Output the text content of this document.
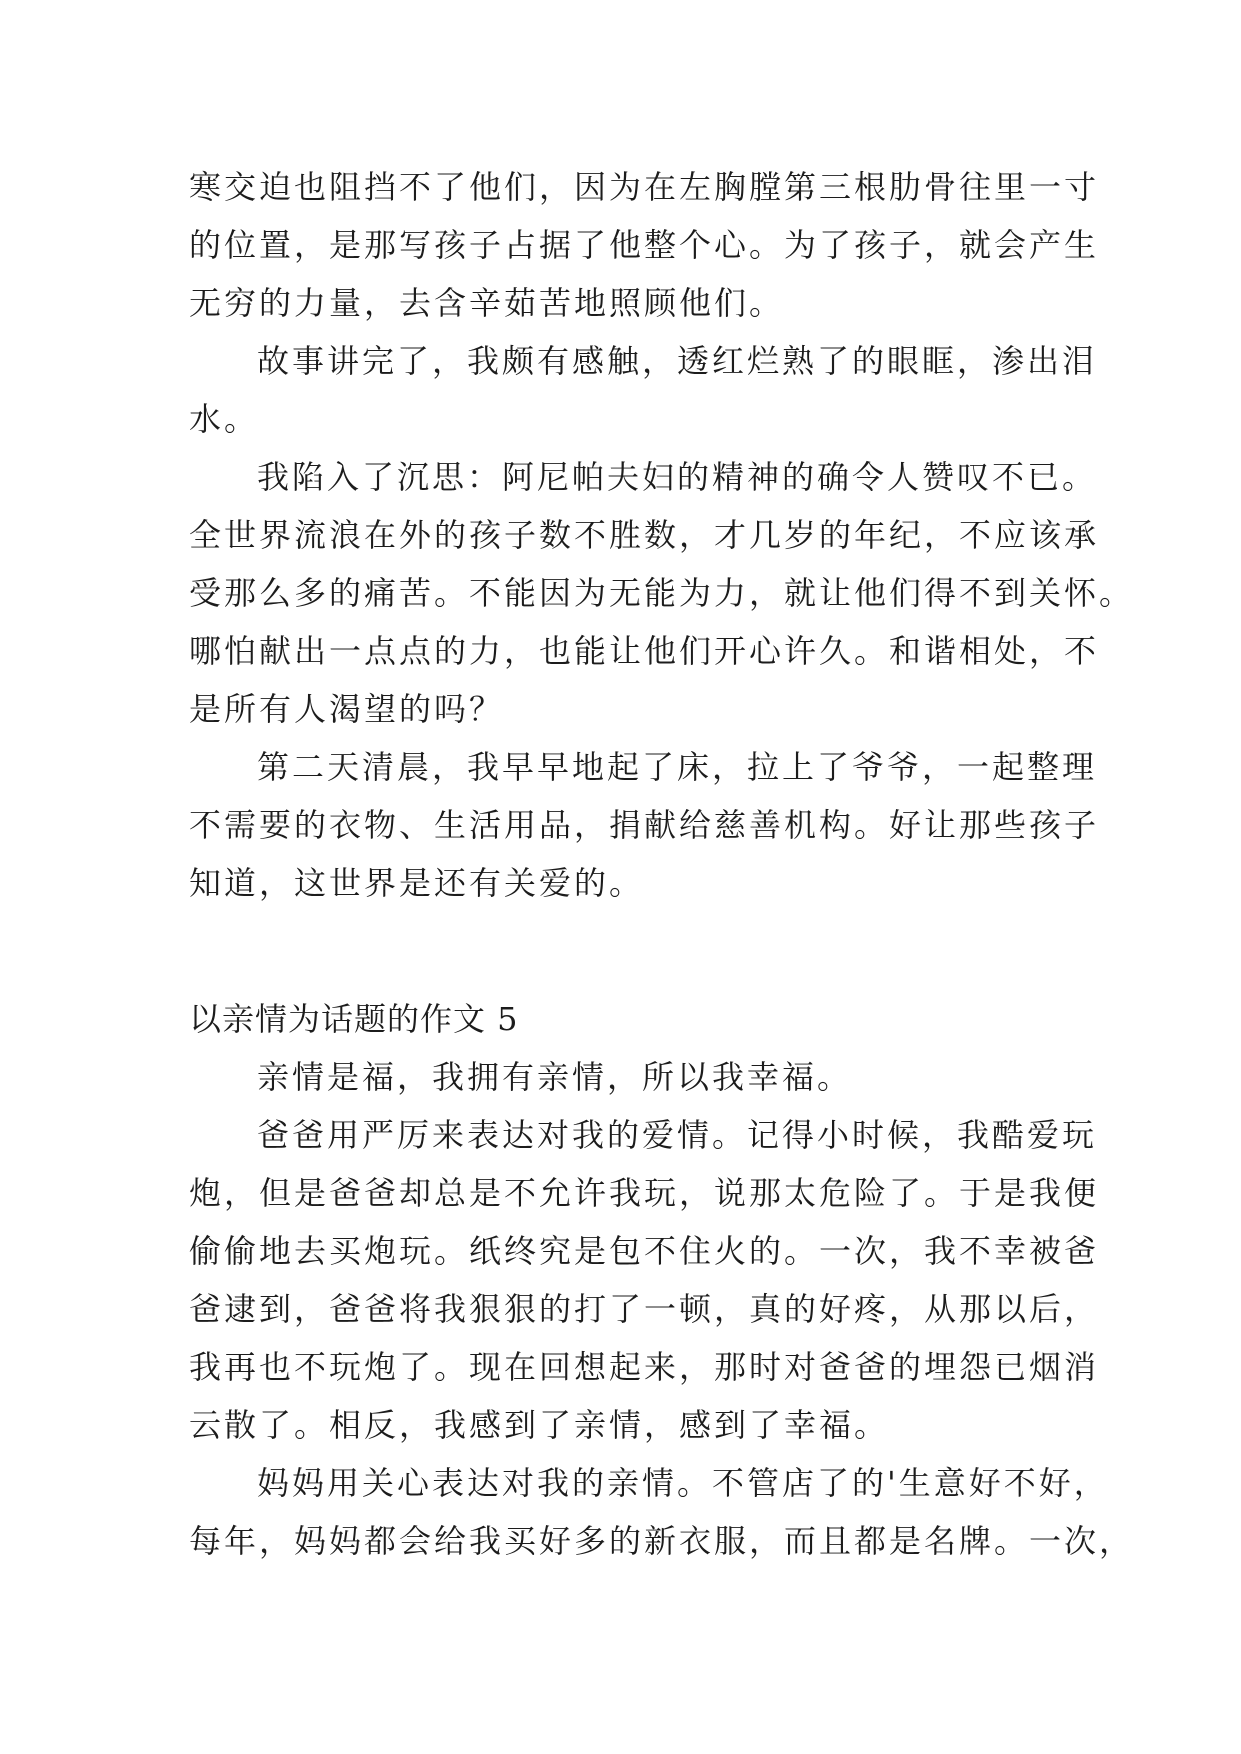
寒交迫也阻挡不了他们，因为在左胸膛第三根肋骨往里一寸
的位置，是那写孩子占据了他整个心。为了孩子，就会产生
无穷的力量，去含辛茹苦地照顾他们。
故事讲完了，我颇有感触，透红烂熟了的眼眶，渗出泪
水。
我陷入了沉思：阿尼帕夫妇的精神的确令人赞叹不已。
全世界流浪在外的孩子数不胜数，才几岁的年纪，不应该承
受那么多的痛苦。不能因为无能为力，就让他们得不到关怀。
哪怕献出一点点的力，也能让他们开心许久。和谐相处，不
是所有人渴望的吗？
第二天清晨，我早早地起了床，拉上了爷爷，一起整理
不需要的衣物、生活用品，捐献给慈善机构。好让那些孩子
知道，这世界是还有关爱的。
以亲情为话题的作文 5
亲情是福，我拥有亲情，所以我幸福。
爸爸用严厉来表达对我的爱情。记得小时候，我酷爱玩
炮，但是爸爸却总是不允许我玩，说那太危险了。于是我便
偷偷地去买炮玩。纸终究是包不住火的。一次，我不幸被爸
爸逮到，爸爸将我狠狠的打了一顿，真的好疼，从那以后，
我再也不玩炮了。现在回想起来，那时对爸爸的埋怨已烟消
云散了。相反，我感到了亲情，感到了幸福。
妈妈用关心表达对我的亲情。不管店了的'生意好不好，
每年，妈妈都会给我买好多的新衣服，而且都是名牌。一次，
